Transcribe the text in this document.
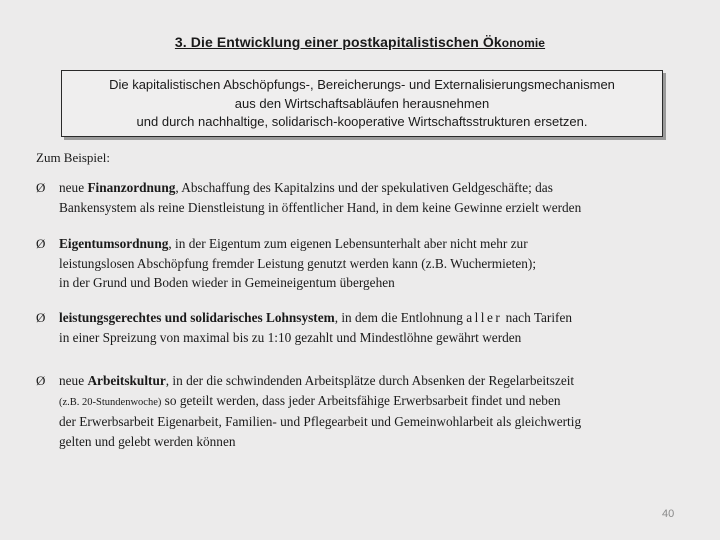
3. Die Entwicklung einer postkapitalistischen Ökonomie
Die kapitalistischen Abschöpfungs-, Bereicherungs- und Externalisierungsmechanismen
aus den Wirtschaftsabläufen herausnehmen
und durch nachhaltige, solidarisch-kooperative Wirtschaftsstrukturen ersetzen.
Zum Beispiel:
Ø neue Finanzordnung, Abschaffung des Kapitalzins und der spekulativen Geldgeschäfte; das
Bankensystem als reine Dienstleistung in öffentlicher Hand, in dem keine Gewinne erzielt werden
Ø Eigentumsordnung, in der Eigentum zum eigenen Lebensunterhalt aber nicht mehr zur
leistungslosen Abschöpfung fremder Leistung genutzt werden kann (z.B. Wuchermieten);
in der Grund und Boden wieder in Gemeineigentum übergehen
Ø leistungsgerechtes und solidarisches Lohnsystem, in dem die Entlohnung aller nach Tarifen
in einer Spreizung von maximal bis zu 1:10 gezahlt und Mindestlöhne gewährt werden
Ø neue Arbeitskultur, in der die schwindenden Arbeitsplätze durch Absenken der Regelarbeitszeit
(z.B. 20-Stundenwoche) so geteilt werden, dass jeder Arbeitsfähige Erwerbsarbeit findet und neben
der Erwerbsarbeit Eigenarbeit, Familien- und Pflegearbeit und Gemeinwohlarbeit als gleichwertig
gelten und gelebt werden können
40
